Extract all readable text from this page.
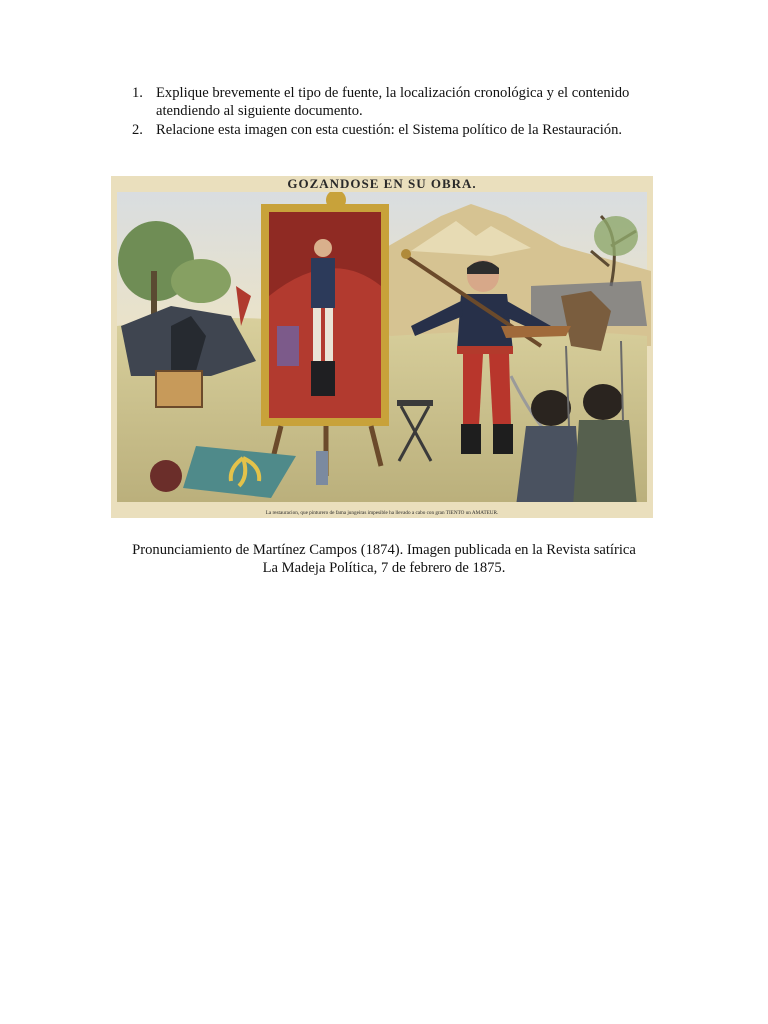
1. Explique brevemente el tipo de fuente, la localización cronológica y el contenido atendiendo al siguiente documento.
2. Relacione esta imagen con esta cuestión: el Sistema político de la Restauración.
GOZANDOSE EN SU OBRA.
La restauracion, que pinturero de fama jungeiras impesible ha llevado a cabo con gran TIENTO un AMATEUR.
Pronunciamiento de Martínez Campos (1874). Imagen publicada en la Revista satírica
La Madeja Política, 7 de febrero de 1875.
